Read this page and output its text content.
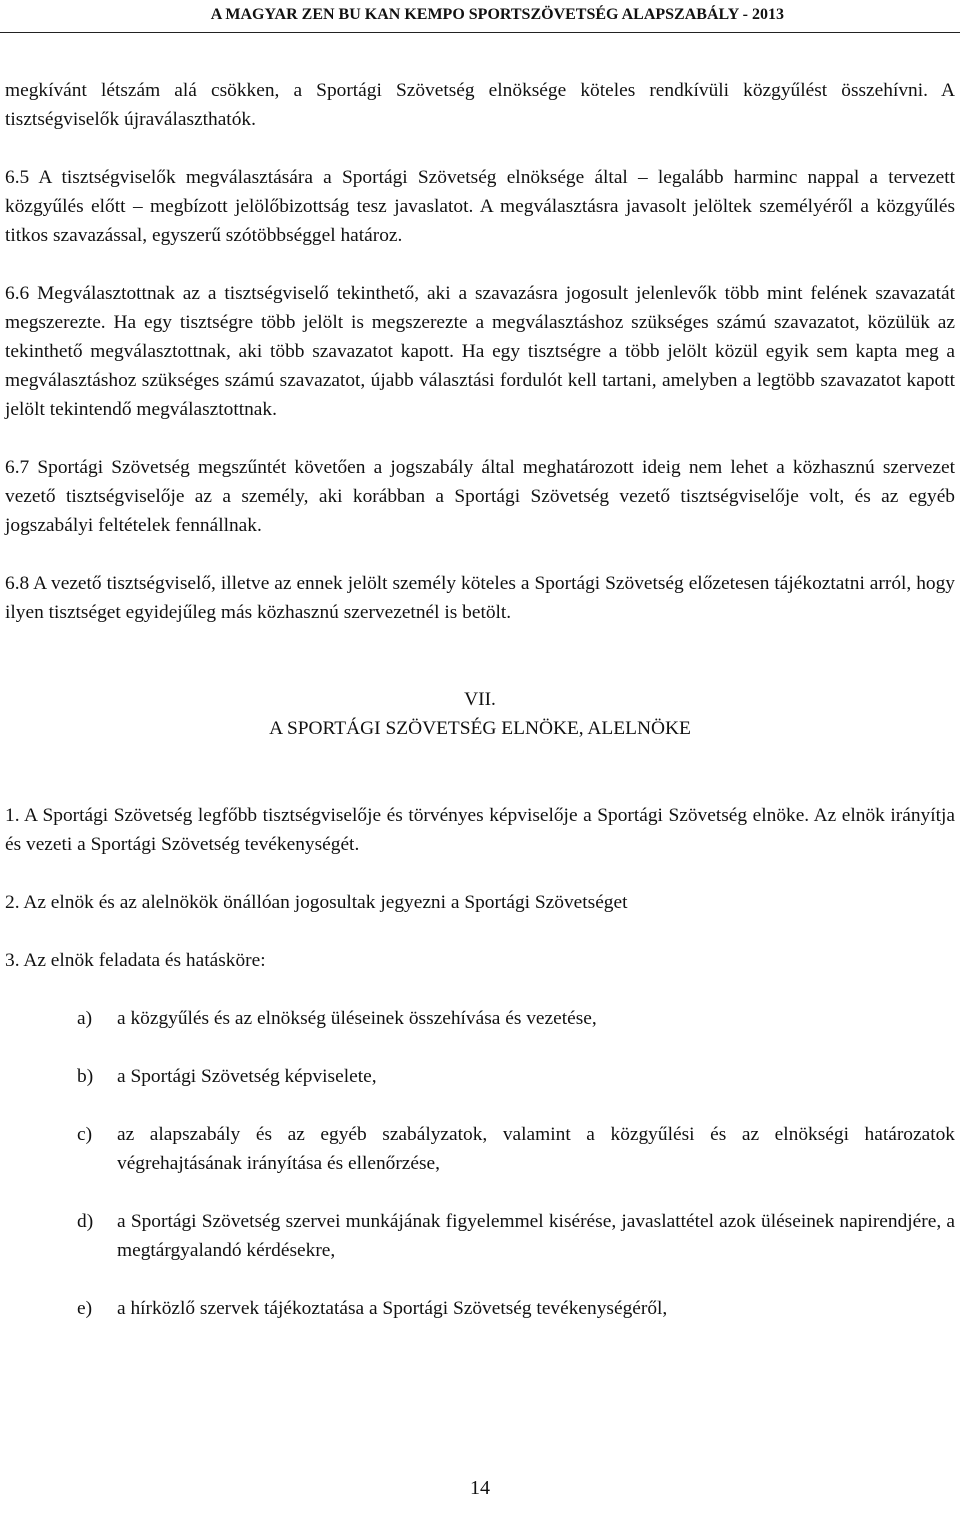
A MAGYAR ZEN BU KAN KEMPO SPORTSZÖVETSÉG ALAPSZABÁLY - 2013

megkívánt létszám alá csökken, a Sportági Szövetség elnöksége köteles rendkívüli közgyűlést összehívni. A tisztségviselők újraválaszthatók.

6.5 A tisztségviselők megválasztására a Sportági Szövetség elnöksége által – legalább harminc nappal a tervezett közgyűlés előtt – megbízott jelölőbizottság tesz javaslatot. A megválasztásra javasolt jelöltek személyéről a közgyűlés titkos szavazással, egyszerű szótöbbséggel határoz.

6.6 Megválasztottnak az a tisztségviselő tekinthető, aki a szavazásra jogosult jelenlevők több mint felének szavazatát megszerezte. Ha egy tisztségre több jelölt is megszerezte a megválasztáshoz szükséges számú szavazatot, közülük az tekinthető megválasztottnak, aki több szavazatot kapott. Ha egy tisztségre a több jelölt közül egyik sem kapta meg a megválasztáshoz szükséges számú szavazatot, újabb választási fordulót kell tartani, amelyben a legtöbb szavazatot kapott jelölt tekintendő megválasztottnak.

6.7 Sportági Szövetség megszűntét követően a jogszabály által meghatározott ideig nem lehet a közhasznú szervezet vezető tisztségviselője az a személy, aki korábban a Sportági Szövetség vezető tisztségviselője volt, és az egyéb jogszabályi feltételek fennállnak.

6.8 A vezető tisztségviselő, illetve az ennek jelölt személy köteles a Sportági Szövetség előzetesen tájékoztatni arról, hogy ilyen tisztséget egyidejűleg más közhasznú szervezetnél is betölt.

VII.

A SPORTÁGI SZÖVETSÉG ELNÖKE, ALELNÖKE

1. A Sportági Szövetség legfőbb tisztségviselője és törvényes képviselője a Sportági Szövetség elnöke. Az elnök irányítja és vezeti a Sportági Szövetség tevékenységét.

2. Az elnök és az alelnökök önállóan jogosultak jegyezni a Sportági Szövetséget

3. Az elnök feladata és hatásköre:

a)	a közgyűlés és az elnökség üléseinek összehívása és vezetése,
b)	a Sportági Szövetség képviselete,
c)	az alapszabály és az egyéb szabályzatok, valamint a közgyűlési és az elnökségi határozatok végrehajtásának irányítása és ellenőrzése,
d)	a Sportági Szövetség szervei munkájának figyelemmel kisérése, javaslattétel azok üléseinek napirendjére, a megtárgyalandó kérdésekre,
e)	a hírközlő szervek tájékoztatása a Sportági Szövetség tevékenységéről,
14
